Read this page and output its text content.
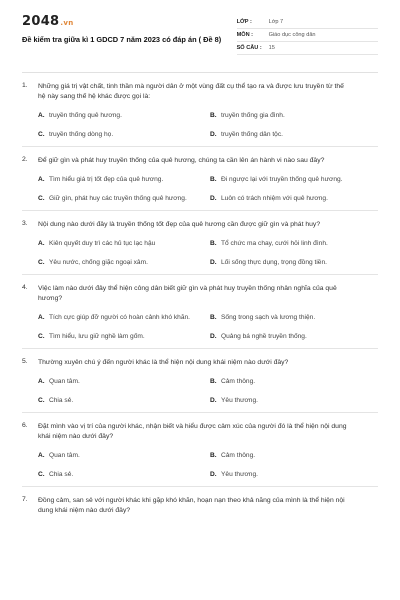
2048.vn
Đề kiểm tra giữa kì 1 GDCD 7 năm 2023 có đáp án ( Đề 8)
LỚP :	Lớp 7
MÔN :	Giáo dục công dân
SỐ CÂU :	15
1.	Những giá trị vật chất, tinh thần mà người dân ở một vùng đất cụ thể tạo ra và được lưu truyền từ thế hệ này sang thế hệ khác được gọi là:
A. truyền thống quê hương.	B. truyền thống gia đình.
C. truyền thống dòng họ.	D. truyền thống dân tộc.
2.	Để giữ gìn và phát huy truyền thống của quê hương, chúng ta cần lên án hành vi nào sau đây?
A. Tìm hiểu giá trị tốt đẹp của quê hương.	B. Đi ngược lại với truyền thống quê hương.
C. Giữ gìn, phát huy các truyền thống quê hương.	D. Luôn có trách nhiệm với quê hương.
3.	Nội dung nào dưới đây là truyền thống tốt đẹp của quê hương cần được giữ gìn và phát huy?
A. Kiên quyết duy trì các hủ tục lạc hậu	B. Tổ chức ma chay, cưới hỏi linh đình.
C. Yêu nước, chống giặc ngoại xâm.	D. Lối sống thực dụng, trọng đồng tiền.
4.	Việc làm nào dưới đây thể hiện công dân biết giữ gìn và phát huy truyền thống nhân nghĩa của quê hương?
A. Tích cực giúp đỡ người có hoàn cảnh khó khăn.	B. Sống trong sạch và lương thiện.
C. Tìm hiểu, lưu giữ nghề làm gốm.	D. Quảng bá nghề truyền thống.
5.	Thường xuyên chú ý đến người khác là thể hiện nội dung khái niệm nào dưới đây?
A. Quan tâm.	B. Cảm thông.
C. Chia sẻ.	D. Yêu thương.
6.	Đặt mình vào vị trí của người khác, nhận biết và hiểu được cảm xúc của người đó là thể hiện nội dung khái niệm nào dưới đây?
A. Quan tâm.	B. Cảm thông.
C. Chia sẻ.	D. Yêu thương.
7.	Đồng cảm, san sẻ với người khác khi gặp khó khăn, hoạn nạn theo khả năng của mình là thể hiện nội dung khái niệm nào dưới đây?
